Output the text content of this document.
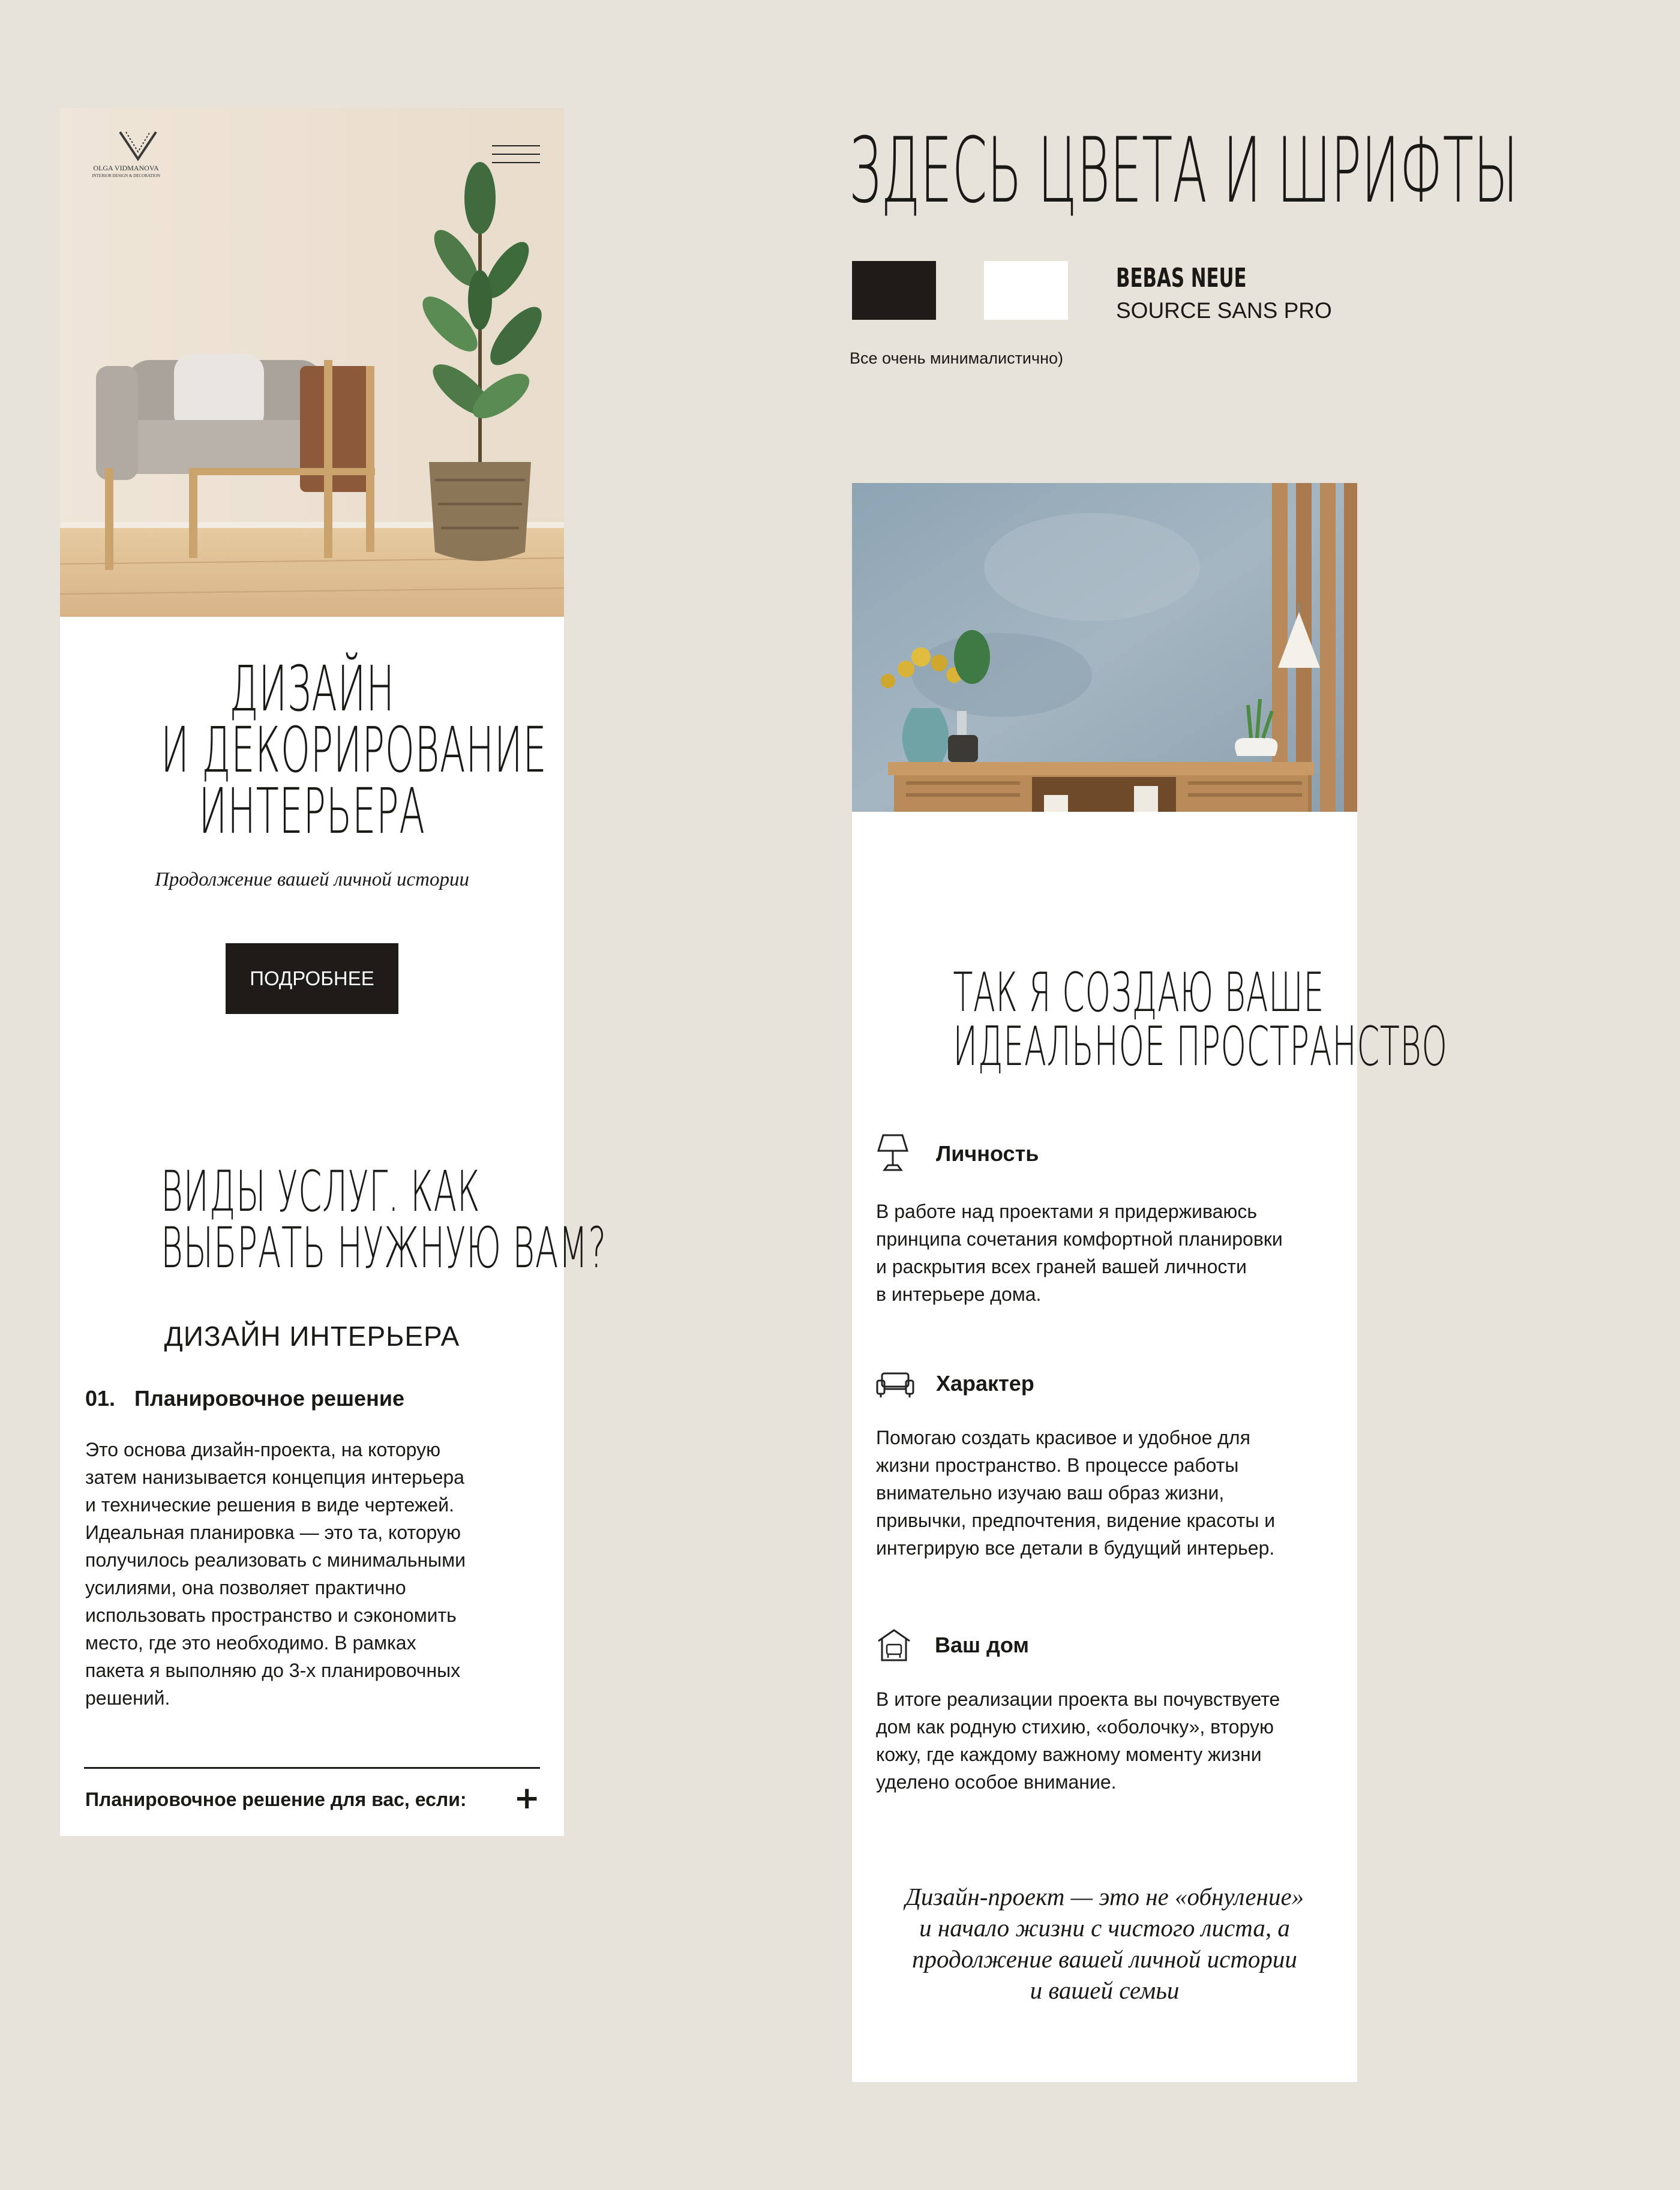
ЗДЕСЬ ЦВЕТА И ШРИФТЫ
BEBAS NEUE
SOURCE SANS PRO
Все очень минималистично)
OLGA VIDMANOVA
INTERIOR DESIGN & DECORATION
ДИЗАЙН
И ДЕКОРИРОВАНИЕ
ИНТЕРЬЕРА
Продолжение вашей личной истории
ПОДРОБНЕЕ
ВИДЫ УСЛУГ. КАК
ВЫБРАТЬ НУЖНУЮ ВАМ?
ДИЗАЙН ИНТЕРЬЕРА
01. Планировочное решение
Это основа дизайн-проекта, на которую
затем нанизывается концепция интерьера
и технические решения в виде чертежей.
Идеальная планировка — это та, которую
получилось реализовать с минимальными
усилиями, она позволяет практично
использовать пространство и сэкономить
место, где это необходимо. В рамках
пакета я выполняю до 3-х планировочных
решений.
Планировочное решение для вас, если: +
ТАК Я СОЗДАЮ ВАШЕ
ИДЕАЛЬНОЕ ПРОСТРАНСТВО
Личность
В работе над проектами я придерживаюсь
принципа сочетания комфортной планировки
и раскрытия всех граней вашей личности
в интерьере дома.
Характер
Помогаю создать красивое и удобное для
жизни пространство. В процессе работы
внимательно изучаю ваш образ жизни,
привычки, предпочтения, видение красоты и
интегрирую все детали в будущий интерьер.
Ваш дом
В итоге реализации проекта вы почувствуете
дом как родную стихию, «оболочку», вторую
кожу, где каждому важному моменту жизни
уделено особое внимание.
Дизайн-проект — это не «обнуление»
и начало жизни с чистого листа, а
продолжение вашей личной истории
и вашей семьи
